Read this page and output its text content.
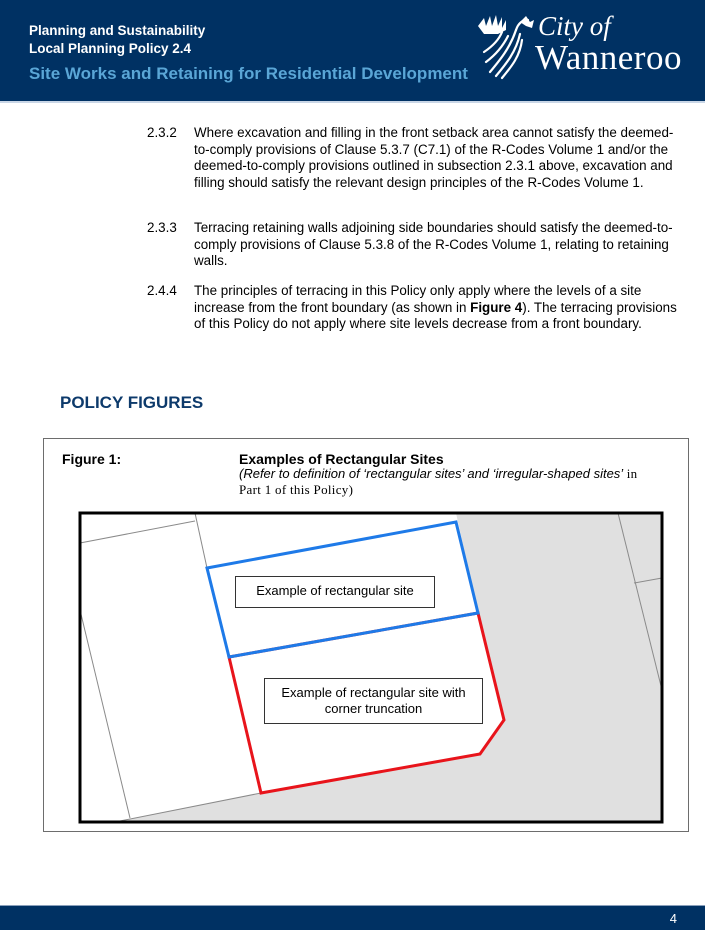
Planning and Sustainability
Local Planning Policy 2.4
Site Works and Retaining for Residential Development
City of
Wanneroo
2.3.2 Where excavation and filling in the front setback area cannot satisfy the deemed-to-comply provisions of Clause 5.3.7 (C7.1) of the R-Codes Volume 1 and/or the deemed-to-comply provisions outlined in subsection 2.3.1 above, excavation and filling should satisfy the relevant design principles of the R-Codes Volume 1.
2.3.3 Terracing retaining walls adjoining side boundaries should satisfy the deemed-to-comply provisions of Clause 5.3.8 of the R-Codes Volume 1, relating to retaining walls.
2.4.4 The principles of terracing in this Policy only apply where the levels of a site increase from the front boundary (as shown in Figure 4). The terracing provisions of this Policy do not apply where site levels decrease from a front boundary.
POLICY FIGURES
Figure 1:	Examples of Rectangular Sites
(Refer to definition of ‘rectangular sites’ and ‘irregular-shaped sites’ in
Part 1 of this Policy)
Example of rectangular site
Example of rectangular site with corner truncation
4
